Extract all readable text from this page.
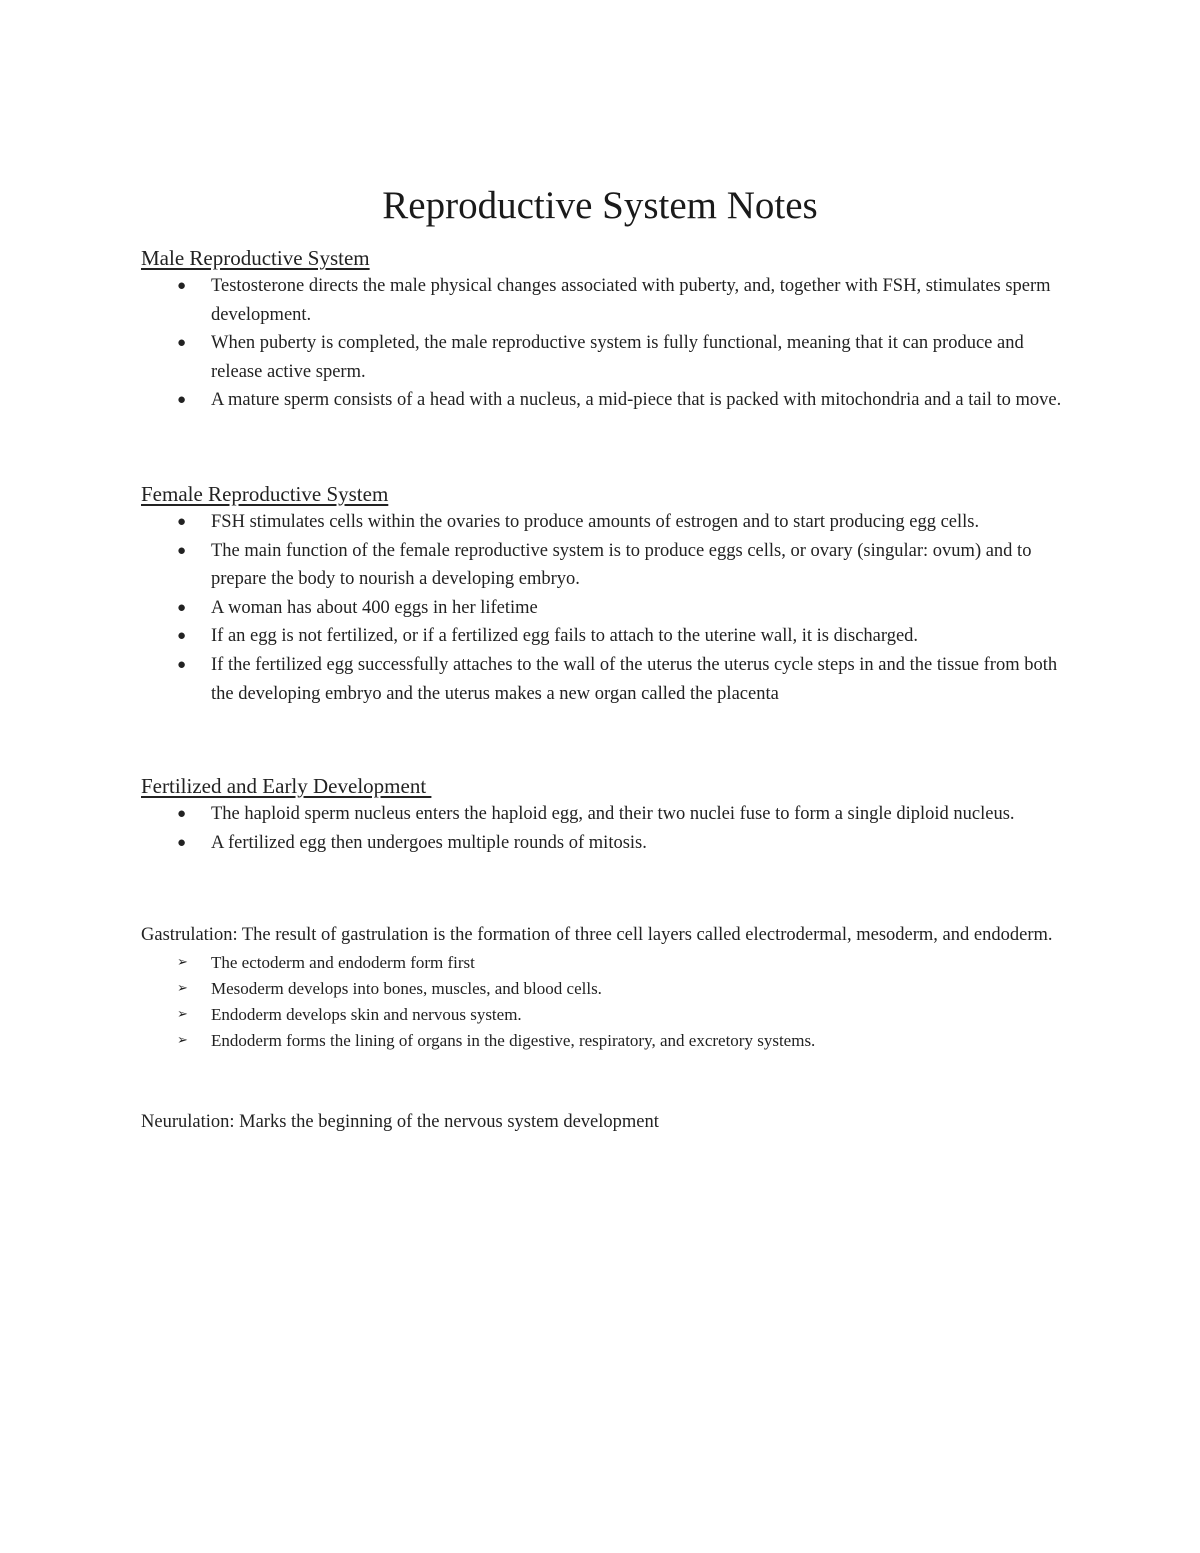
Reproductive System Notes
Male Reproductive System
● Testosterone directs the male physical changes associated with puberty, and, together with FSH, stimulates sperm development.
● When puberty is completed, the male reproductive system is fully functional, meaning that it can produce and release active sperm.
● A mature sperm consists of a head with a nucleus, a mid-piece that is packed with mitochondria and a tail to move.
Female Reproductive System
● FSH stimulates cells within the ovaries to produce amounts of estrogen and to start producing egg cells.
● The main function of the female reproductive system is to produce eggs cells, or ovary (singular: ovum) and to prepare the body to nourish a developing embryo.
● A woman has about 400 eggs in her lifetime
● If an egg is not fertilized, or if a fertilized egg fails to attach to the uterine wall, it is discharged.
● If the fertilized egg successfully attaches to the wall of the uterus the uterus cycle steps in and the tissue from both the developing embryo and the uterus makes a new organ called the placenta
Fertilized and Early Development
● The haploid sperm nucleus enters the haploid egg, and their two nuclei fuse to form a single diploid nucleus.
● A fertilized egg then undergoes multiple rounds of mitosis.

Gastrulation: The result of gastrulation is the formation of three cell layers called electrodermal, mesoderm, and endoderm.

➢ The ectoderm and endoderm form first
➢ Mesoderm develops into bones, muscles, and blood cells.
➢ Endoderm develops skin and nervous system.
➢ Endoderm forms the lining of organs in the digestive, respiratory, and excretory systems.

Neurulation: Marks the beginning of the nervous system development
